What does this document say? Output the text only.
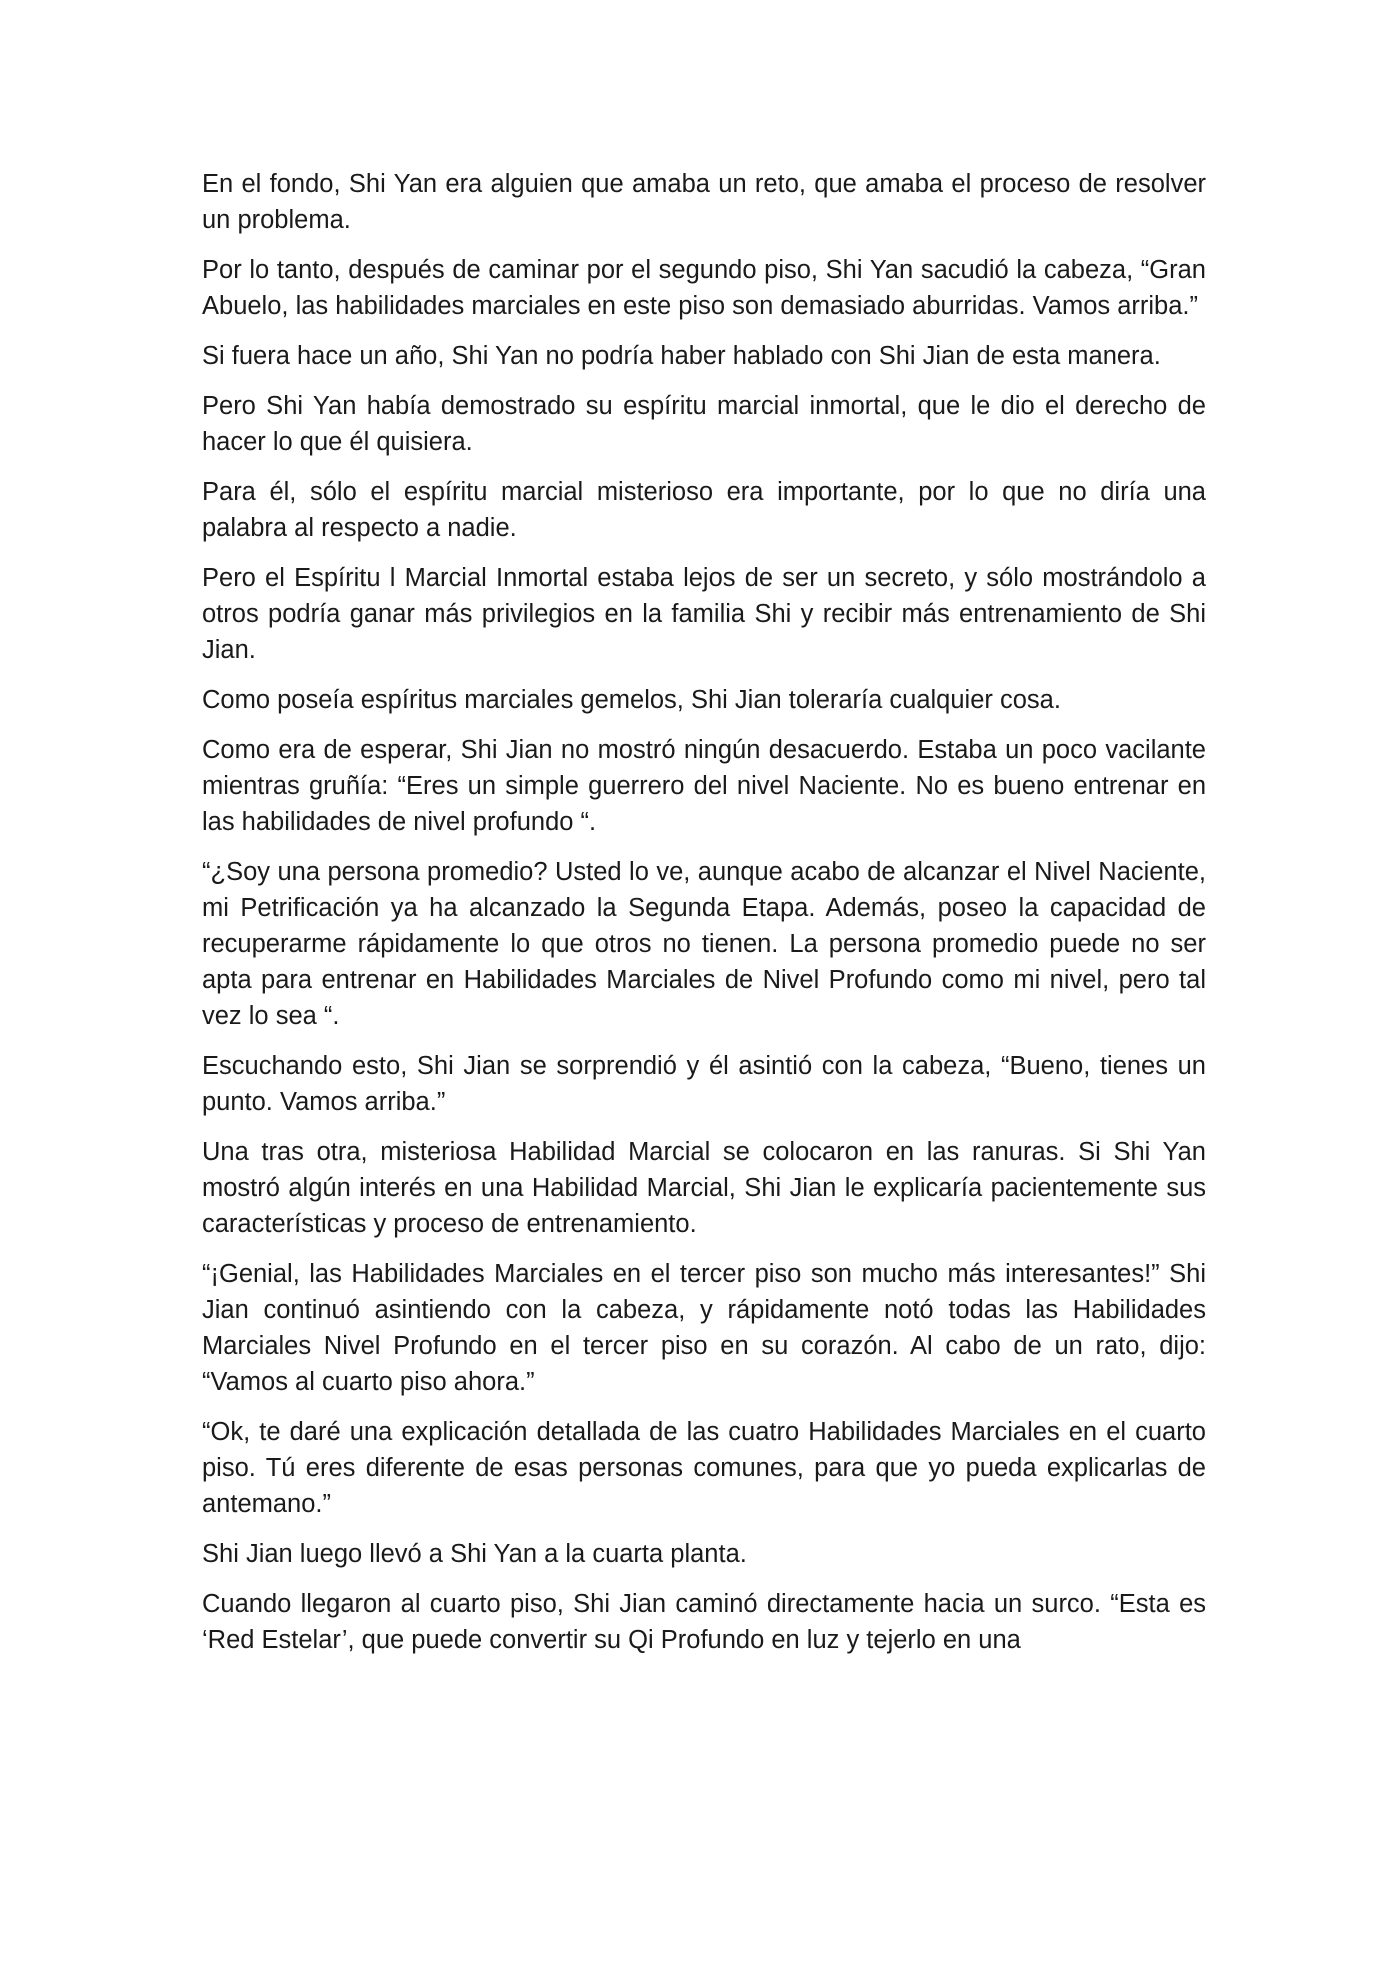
En el fondo, Shi Yan era alguien que amaba un reto, que amaba el proceso de resolver un problema.

Por lo tanto, después de caminar por el segundo piso, Shi Yan sacudió la cabeza, “Gran Abuelo, las habilidades marciales en este piso son demasiado aburridas. Vamos arriba.”

Si fuera hace un año, Shi Yan no podría haber hablado con Shi Jian de esta manera.

Pero Shi Yan había demostrado su espíritu marcial inmortal, que le dio el derecho de hacer lo que él quisiera.

Para él, sólo el espíritu marcial misterioso era importante, por lo que no diría una palabra al respecto a nadie.

Pero el Espíritu l Marcial Inmortal estaba lejos de ser un secreto, y sólo mostrándolo a otros podría ganar más privilegios en la familia Shi y recibir más entrenamiento de Shi Jian.

Como poseía espíritus marciales gemelos, Shi Jian toleraría cualquier cosa.

Como era de esperar, Shi Jian no mostró ningún desacuerdo. Estaba un poco vacilante mientras gruñía: “Eres un simple guerrero del nivel Naciente. No es bueno entrenar en las habilidades de nivel profundo “.

“¿Soy una persona promedio? Usted lo ve, aunque acabo de alcanzar el Nivel Naciente, mi Petrificación ya ha alcanzado la Segunda Etapa. Además, poseo la capacidad de recuperarme rápidamente lo que otros no tienen. La persona promedio puede no ser apta para entrenar en Habilidades Marciales de Nivel Profundo como mi nivel, pero tal vez lo sea “.

Escuchando esto, Shi Jian se sorprendió y él asintió con la cabeza, “Bueno, tienes un punto. Vamos arriba.”

Una tras otra, misteriosa Habilidad Marcial se colocaron en las ranuras. Si Shi Yan mostró algún interés en una Habilidad Marcial, Shi Jian le explicaría pacientemente sus características y proceso de entrenamiento.

“¡Genial, las Habilidades Marciales en el tercer piso son mucho más interesantes!” Shi Jian continuó asintiendo con la cabeza, y rápidamente notó todas las Habilidades Marciales Nivel Profundo en el tercer piso en su corazón. Al cabo de un rato, dijo: “Vamos al cuarto piso ahora.”

“Ok, te daré una explicación detallada de las cuatro Habilidades Marciales en el cuarto piso. Tú eres diferente de esas personas comunes, para que yo pueda explicarlas de antemano.”

Shi Jian luego llevó a Shi Yan a la cuarta planta.

Cuando llegaron al cuarto piso, Shi Jian caminó directamente hacia un surco. “Esta es ‘Red Estelar’, que puede convertir su Qi Profundo en luz y tejerlo en una
